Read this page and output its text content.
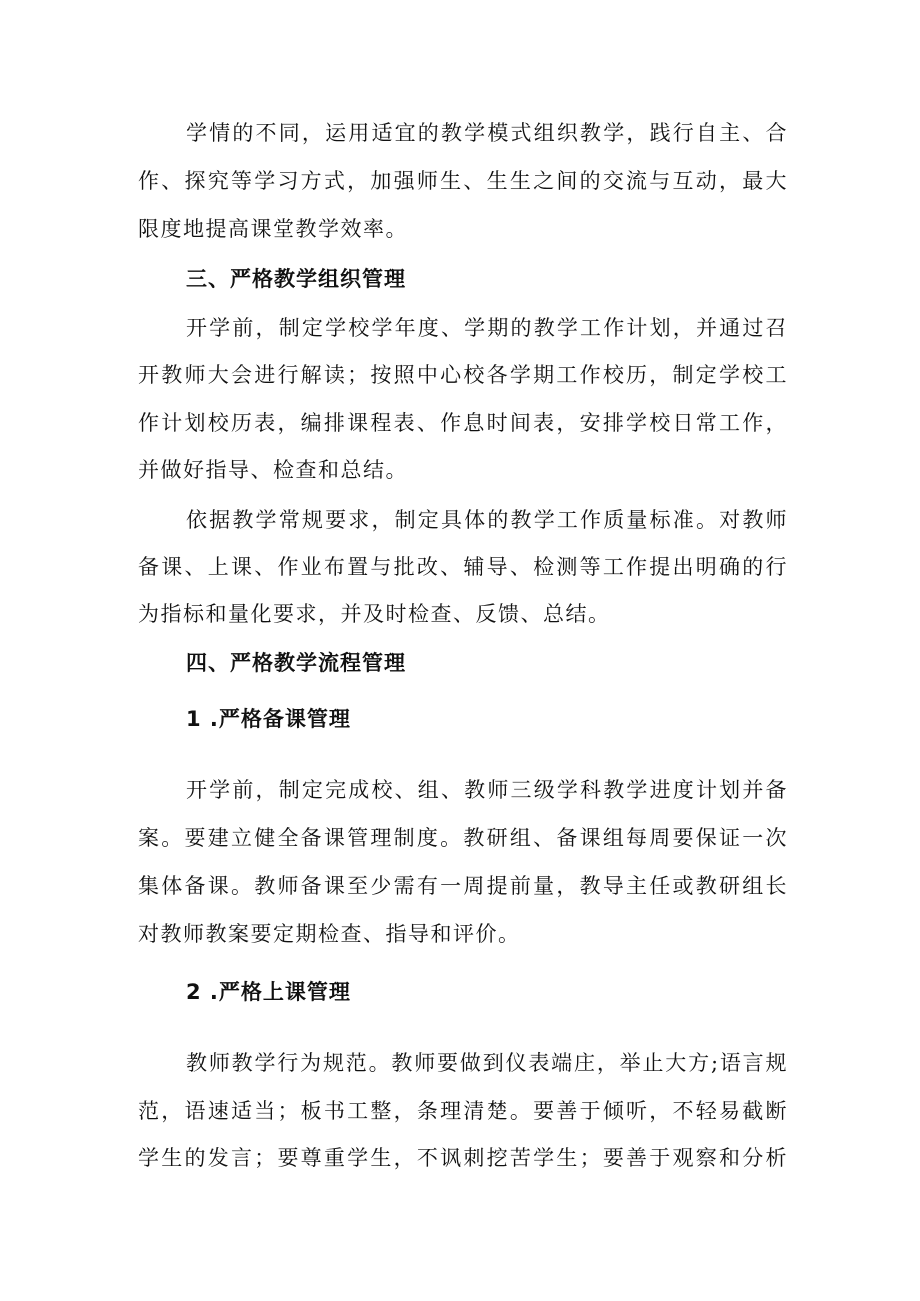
学情的不同，运用适宜的教学模式组织教学，践行自主、合
作、探究等学习方式，加强师生、生生之间的交流与互动，最大
限度地提高课堂教学效率。
三、严格教学组织管理
开学前，制定学校学年度、学期的教学工作计划，并通过召
开教师大会进行解读；按照中心校各学期工作校历，制定学校工
作计划校历表，编排课程表、作息时间表，安排学校日常工作，
并做好指导、检查和总结。
依据教学常规要求，制定具体的教学工作质量标准。对教师
备课、上课、作业布置与批改、辅导、检测等工作提出明确的行
为指标和量化要求，并及时检查、反馈、总结。
四、严格教学流程管理
1 .严格备课管理
开学前，制定完成校、组、教师三级学科教学进度计划并备
案。要建立健全备课管理制度。教研组、备课组每周要保证一次
集体备课。教师备课至少需有一周提前量，教导主任或教研组长
对教师教案要定期检查、指导和评价。
2 .严格上课管理
教师教学行为规范。教师要做到仪表端庄，举止大方;语言规
范，语速适当；板书工整，条理清楚。要善于倾听，不轻易截断
学生的发言；要尊重学生，不讽刺挖苦学生；要善于观察和分析
